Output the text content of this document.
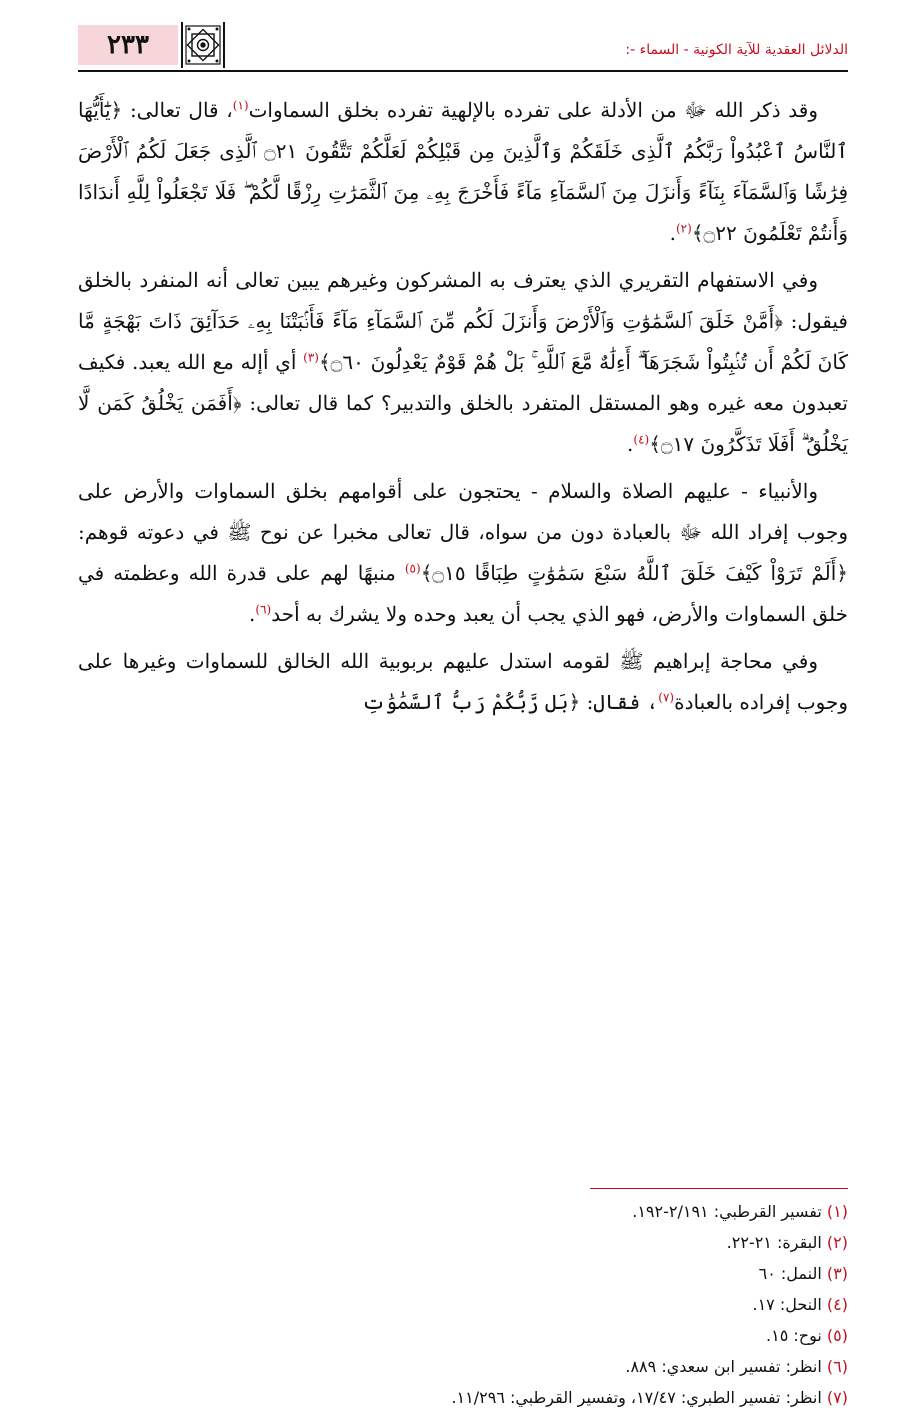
٢٣٣	الدلائل العقدية للآية الكونية - السماء -:

وقد ذكر الله ﷻ من الأدلة على تفرده بالإلهية تفرده بخلق السماوات$^{(١)}$، قال تعالى: ﴿يَٰٓأَيُّهَا ٱلنَّاسُ ٱعْبُدُواْ رَبَّكُمُ ٱلَّذِى خَلَقَكُمْ وَٱلَّذِينَ مِن قَبْلِكُمْ لَعَلَّكُمْ تَتَّقُونَ ۝٢١ ٱلَّذِى جَعَلَ لَكُمُ ٱلْأَرْضَ فِرَٰشًا وَٱلسَّمَآءَ بِنَآءً وَأَنزَلَ مِنَ ٱلسَّمَآءِ مَآءً فَأَخْرَجَ بِهِۦ مِنَ ٱلثَّمَرَٰتِ رِزْقًا لَّكُمْ ۖ فَلَا تَجْعَلُواْ لِلَّهِ أَندَادًا وَأَنتُمْ تَعْلَمُونَ ۝٢٢﴾$^{(٢)}$.

وفي الاستفهام التقريري الذي يعترف به المشركون وغيرهم يبين تعالى أنه المنفرد بالخلق فيقول: ﴿أَمَّنْ خَلَقَ ٱلسَّمَٰوَٰتِ وَٱلْأَرْضَ وَأَنزَلَ لَكُم مِّنَ ٱلسَّمَآءِ مَآءً فَأَنۢبَتْنَا بِهِۦ حَدَآئِقَ ذَاتَ بَهْجَةٍ مَّا كَانَ لَكُمْ أَن تُنۢبِتُواْ شَجَرَهَآ ۗ أَءِلَٰهٌ مَّعَ ٱللَّهِ ۚ بَلْ هُمْ قَوْمٌ يَعْدِلُونَ ۝٦٠﴾$^{(٣)}$ أي أإله مع الله يعبد. فكيف تعبدون معه غيره وهو المستقل المتفرد بالخلق والتدبير؟ كما قال تعالى: ﴿أَفَمَن يَخْلُقُ كَمَن لَّا يَخْلُقُ ۗ أَفَلَا تَذَكَّرُونَ ۝١٧﴾$^{(٤)}$.

والأنبياء - عليهم الصلاة والسلام - يحتجون على أقوامهم بخلق السماوات والأرض على وجوب إفراد الله ﷻ بالعبادة دون من سواه، قال تعالى مخبرا عن نوح ﷺ في دعوته قوهم: ﴿أَلَمْ تَرَوْاْ كَيْفَ خَلَقَ ٱللَّهُ سَبْعَ سَمَٰوَٰتٍ طِبَاقًا ۝١٥﴾$^{(٥)}$ منبهًا لهم على قدرة الله وعظمته في خلق السماوات والأرض، فهو الذي يجب أن يعبد وحده ولا يشرك به أحد$^{(٦)}$.

وفي محاجة إبراهيم ﷺ لقومه استدل عليهم بربوبية الله الخالق للسماوات وغيرها على وجوب إفراده بالعبادة$^{(٧)}$، فقال: ﴿بَل رَّبُّكُمْ رَبُّ ٱلسَّمَٰوَٰتِ

(١) تفسير القرطبي: ٢/١٩١-١٩٢.
(٢) البقرة: ٢١-٢٢.
(٣) النمل: ٦٠
(٤) النحل: ١٧.
(٥) نوح: ١٥.
(٦) انظر: تفسير ابن سعدي: ٨٨٩.
(٧) انظر: تفسير الطبري: ١٧/٤٧، وتفسير القرطبي: ١١/٢٩٦.
